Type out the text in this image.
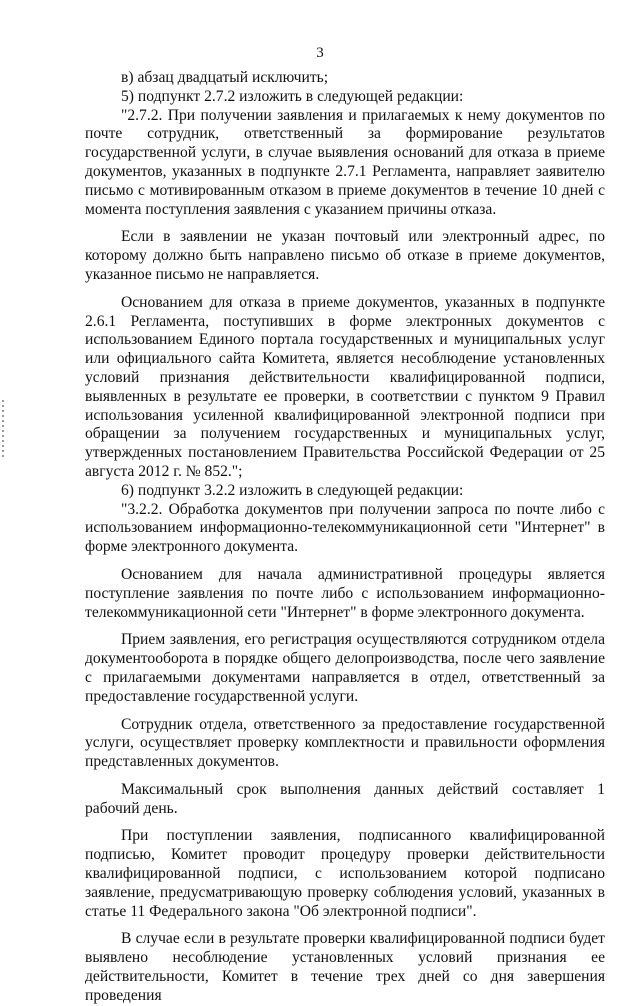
3

в) абзац двадцатый исключить;

5) подпункт 2.7.2 изложить в следующей редакции:

"2.7.2. При получении заявления и прилагаемых к нему документов по почте сотрудник, ответственный за формирование результатов государственной услуги, в случае выявления оснований для отказа в приеме документов, указанных в подпункте 2.7.1 Регламента, направляет заявителю письмо с мотивированным отказом в приеме документов в течение 10 дней с момента поступления заявления с указанием причины отказа.

Если в заявлении не указан почтовый или электронный адрес, по которому должно быть направлено письмо об отказе в приеме документов, указанное письмо не направляется.

Основанием для отказа в приеме документов, указанных в подпункте 2.6.1 Регламента, поступивших в форме электронных документов с использованием Единого портала государственных и муниципальных услуг или официального сайта Комитета, является несоблюдение установленных условий признания действительности квалифицированной подписи, выявленных в результате ее проверки, в соответствии с пунктом 9 Правил использования усиленной квалифицированной электронной подписи при обращении за получением государственных и муниципальных услуг, утвержденных постановлением Правительства Российской Федерации от 25 августа 2012 г. № 852.";

6) подпункт 3.2.2 изложить в следующей редакции:

"3.2.2. Обработка документов при получении запроса по почте либо с использованием информационно-телекоммуникационной сети "Интернет" в форме электронного документа.

Основанием для начала административной процедуры является поступление заявления по почте либо с использованием информационно-телекоммуникационной сети "Интернет" в форме электронного документа.

Прием заявления, его регистрация осуществляются сотрудником отдела документооборота в порядке общего делопроизводства, после чего заявление с прилагаемыми документами направляется в отдел, ответственный за предоставление государственной услуги.

Сотрудник отдела, ответственного за предоставление государственной услуги, осуществляет проверку комплектности и правильности оформления представленных документов.

Максимальный срок выполнения данных действий составляет 1 рабочий день.

При поступлении заявления, подписанного квалифицированной подписью, Комитет проводит процедуру проверки действительности квалифицированной подписи, с использованием которой подписано заявление, предусматривающую проверку соблюдения условий, указанных в статье 11 Федерального закона "Об электронной подписи".

В случае если в результате проверки квалифицированной подписи будет выявлено несоблюдение установленных условий признания ее действительности, Комитет в течение трех дней со дня завершения проведения
